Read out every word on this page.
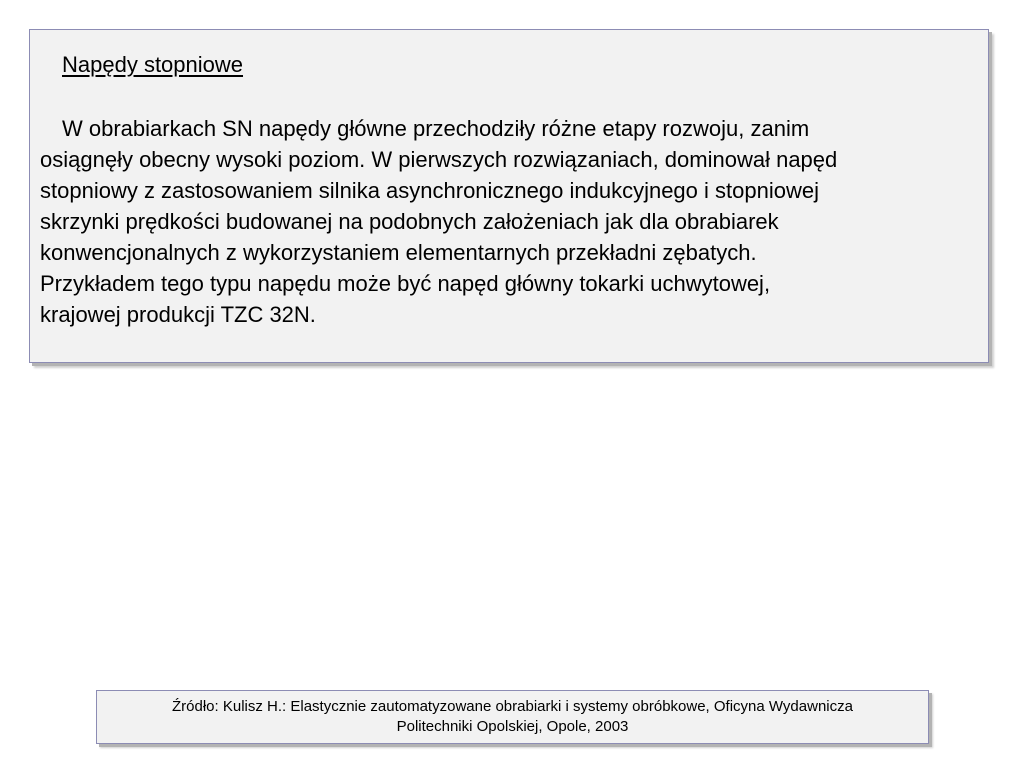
Napędy stopniowe

W obrabiarkach SN napędy główne przechodziły różne etapy rozwoju, zanim
osiągnęły obecny wysoki poziom. W pierwszych rozwiązaniach, dominował napęd
stopniowy z zastosowaniem silnika asynchronicznego indukcyjnego i stopniowej
skrzynki prędkości budowanej na podobnych założeniach jak dla obrabiarek
konwencjonalnych z wykorzystaniem elementarnych przekładni zębatych.
Przykładem tego typu napędu może być napęd główny tokarki uchwytowej,
krajowej produkcji TZC 32N.

Źródło: Kulisz H.: Elastycznie zautomatyzowane obrabiarki i systemy obróbkowe, Oficyna Wydawnicza
Politechniki Opolskiej, Opole, 2003
